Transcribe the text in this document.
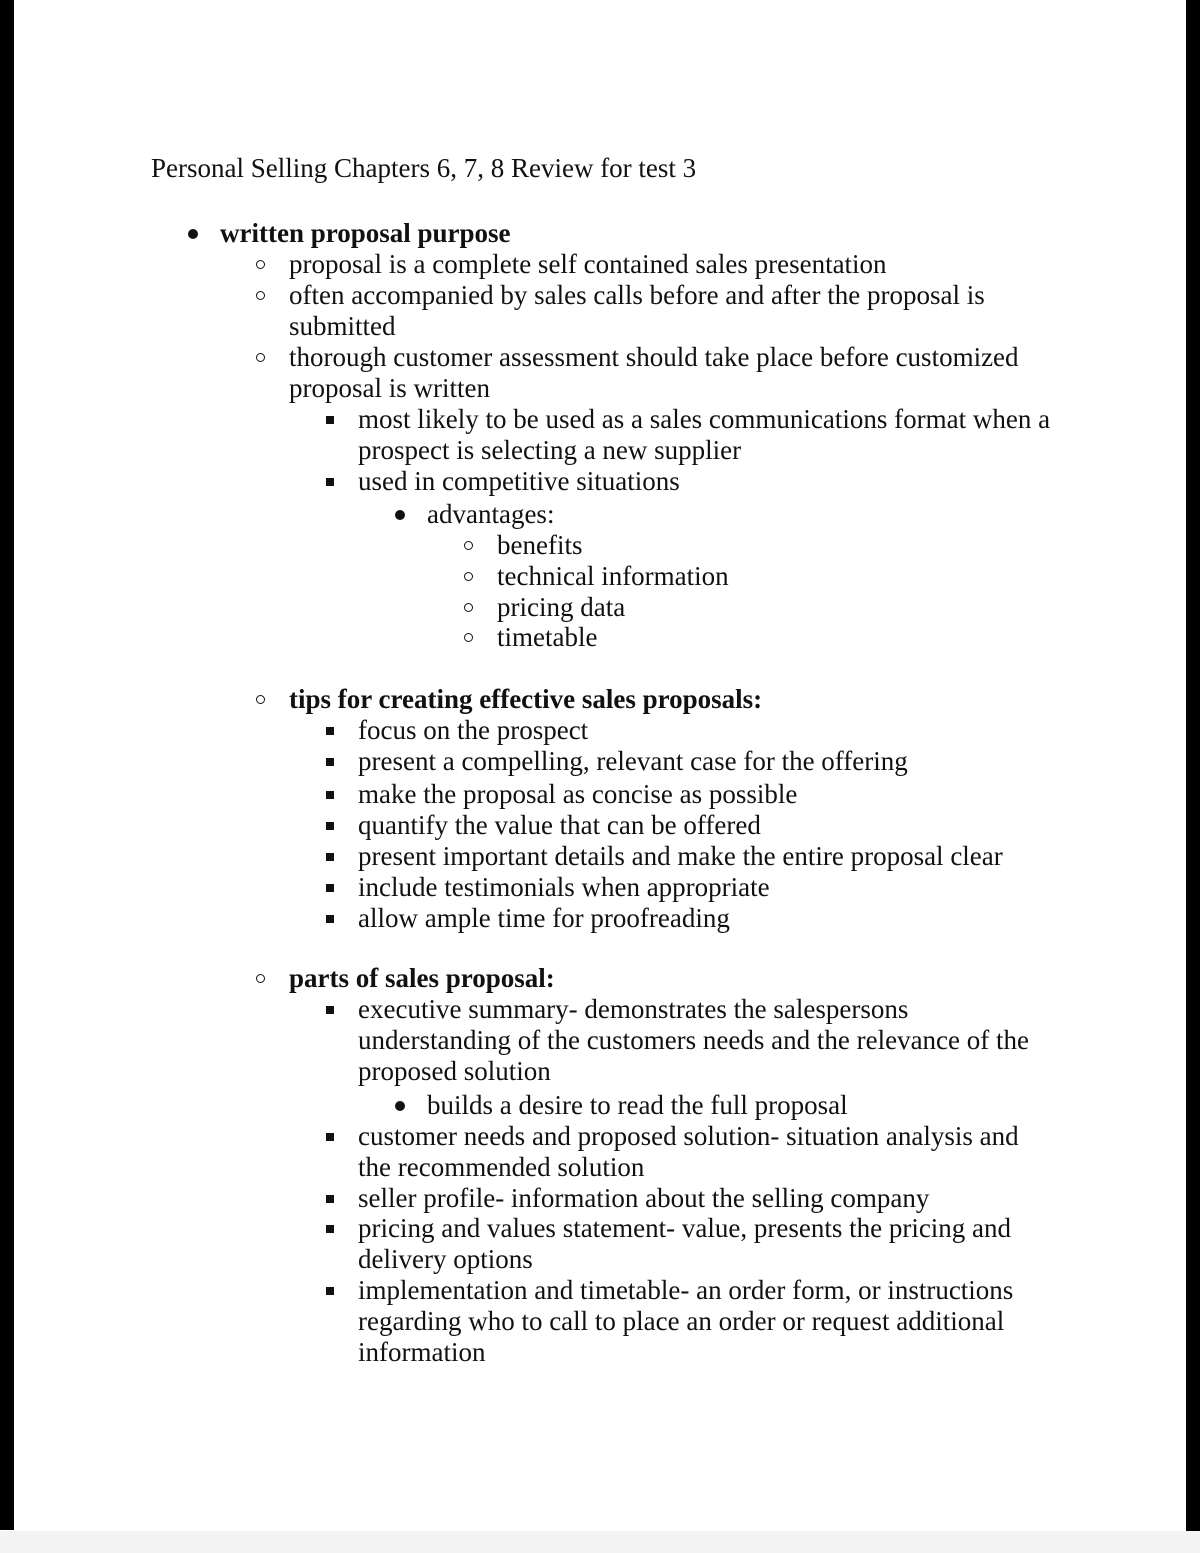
Personal Selling Chapters 6, 7, 8 Review for test 3

written proposal purpose

proposal is a complete self contained sales presentation

often accompanied by sales calls before and after the proposal is

submitted

thorough customer assessment should take place before customized

proposal is written

most likely to be used as a sales communications format when a

prospect is selecting a new supplier

used in competitive situations

advantages:

benefits

technical information

pricing data

timetable

tips for creating effective sales proposals:

focus on the prospect

present a compelling, relevant case for the offering

make the proposal as concise as possible

quantify the value that can be offered

present important details and make the entire proposal clear

include testimonials when appropriate

allow ample time for proofreading

parts of sales proposal:

executive summary- demonstrates the salespersons

understanding of the customers needs and the relevance of the

proposed solution

builds a desire to read the full proposal

customer needs and proposed solution- situation analysis and

the recommended solution

seller profile- information about the selling company

pricing and values statement- value, presents the pricing and

delivery options

implementation and timetable- an order form, or instructions

regarding who to call to place an order or request additional

information
